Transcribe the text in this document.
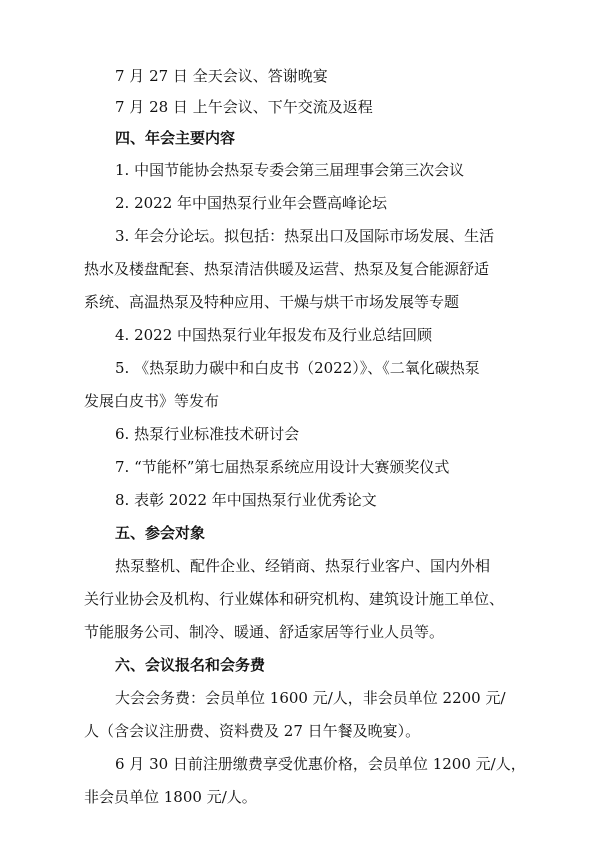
7 月 27 日 全天会议、答谢晚宴
7 月 28 日 上午会议、下午交流及返程
四、年会主要内容
1. 中国节能协会热泵专委会第三届理事会第三次会议
2. 2022 年中国热泵行业年会暨高峰论坛
3. 年会分论坛。拟包括：热泵出口及国际市场发展、生活
热水及楼盘配套、热泵清洁供暖及运营、热泵及复合能源舒适
系统、高温热泵及特种应用、干燥与烘干市场发展等专题
4. 2022 中国热泵行业年报发布及行业总结回顾
5. 《热泵助力碳中和白皮书（2022）》、《二氧化碳热泵
发展白皮书》等发布
6. 热泵行业标准技术研讨会
7. “节能杯”第七届热泵系统应用设计大赛颁奖仪式
8. 表彰 2022 年中国热泵行业优秀论文
五、参会对象
热泵整机、配件企业、经销商、热泵行业客户、国内外相
关行业协会及机构、行业媒体和研究机构、建筑设计施工单位、
节能服务公司、制冷、暖通、舒适家居等行业人员等。
六、会议报名和会务费
大会会务费：会员单位 1600 元/人，非会员单位 2200 元/
人（含会议注册费、资料费及 27 日午餐及晚宴）。
6 月 30 日前注册缴费享受优惠价格，会员单位 1200 元/人，
非会员单位 1800 元/人。
